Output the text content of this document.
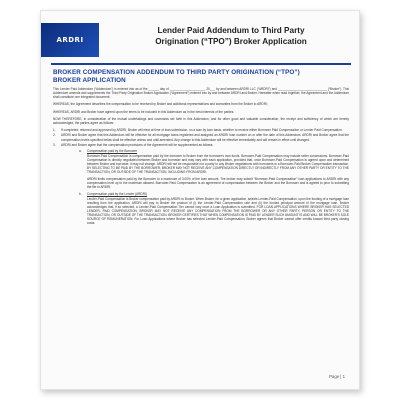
ARDRI
Lender Paid Addendum to Third Party
Origination (“TPO”) Broker Application
BROKER COMPENSATION ADDENDUM TO THIRD PARTY ORIGINATION (“TPO”)
BROKER APPLICATION

This Lender Paid Addendum (“Addendum”) is entered into as of the ______ day of ____________________, 20___ by and between ARDRI LLC (“ARDRI”) and ____________________________ (“Broker”). This Addendum amends and supplements the Third Party Origination Broker Application (“Agreement”) entered into by and between ARDRI and Broker. Hereafter when read together, the Agreement and the Addendum shall constitute one integrated document.

WHEREAS, the Agreement describes the compensation to be received by Broker and additional representations and warranties from the Broker to ARDRI;

WHEREAS, ARDRI and Broker have agreed upon the terms to be included in this Addendum as in the best interests of the parties.

NOW THEREFORE, in consideration of the mutual undertakings and covenants set forth in this Addendum, and for other good and valuable consideration, the receipt and sufficiency of which are hereby acknowledged, the parties agree as follows:

1.	If completed, returned and approved by ARDRI, Broker will elect at time of loan submission, on a loan by loan basis, whether to receive either Borrower Paid Compensation or Lender Paid Compensation.
2.	ARDRI and Broker agree that this Addendum will be effective for all mortgage loans registered and assigned an ARDRI loan number on or after the date of this Addendum. ARDRI and Broker agree that the compensation levels specified below shall be effective unless and until amended. Any change to this Addendum will be effective immediately and will remain in effect until changed.
3.	ARDRI and Broker agree that the compensation provisions of the Agreement will be supplemented as follows:
a.	Compensation paid by the Borrower

Borrower-Paid Compensation is compensation paid by the borrower to Broker from the borrower's own funds. Borrower-Paid Compensation may include seller concessions. Borrower-Paid Compensation is directly negotiated between Broker and borrower and may vary with each application, provided that, once Borrower-Paid Compensation is agreed upon and determined between Broker and borrower, it may not change. ARDRI will not be responsible nor a party to any Broker negotiations with borrowers in a Borrower-Paid Broker Compensation transaction. BY SELECTING TO BE PAID BY THE BORROWER, BROKER MAY NOT RECEIVE ANY COMPENSATION DIRECTLY OR INDIRECTLY FROM ANY OTHER PARTY OR ENTITY TO THE TRANSACTION, OR OUTSIDE OF THE TRANSACTION, INCLUDING FROM ARDRI.

ARDRI limits compensation paid by the Borrower to a maximum of 3.00% of the loan amount. The broker may submit “Borrower-Paid Compensation” loan applications to ARDRI with any compensation level up to the maximum allowed. Borrower-Paid Compensation is an agreement of compensation between the Broker and the Borrower and is agreed to prior to submitting the file to ARDRI.

b.	Compensation paid by the Lender (ARDRI)

Lender-Paid Compensation is Broker compensation paid by ARDRI to Broker. When Broker, for a given application, selects Lender-Paid Compensation, upon the funding of a mortgage loan resulting from the application, ARDRI will pay to Broker the product of (i) the Lender-Paid Compensation rate and (ii) the funded principal amount of the mortgage loan. Broker acknowledges that, if so selected, a Lender-Paid Compensation Tier cannot vary once a Loan Application is submitted. FOR LOAN APPLICATIONS WHERE BROKER HAS SELECTED LENDER- PAID COMPENSATION, BROKER MAY NOT RECEIVE ANY COMPENSATION FROM THE BORROWER OR ANY OTHER PARTY, PERSON OR ENTITY TO THE TRANSACTION, OR OUTSIDE OF THE TRANSACTION. BROKER CERTIFIES THAT WHEN COMPENSATION IS PAID BY LENDER SUCH AMOUNT IS AND WILL BE BROKER'S SOLE SOURCE OF REMUNERATION. For Loan Applications where Broker has selected Lender-Paid Compensation, Broker agrees that Broker cannot offer credits toward third party closing costs.

Page | 1
